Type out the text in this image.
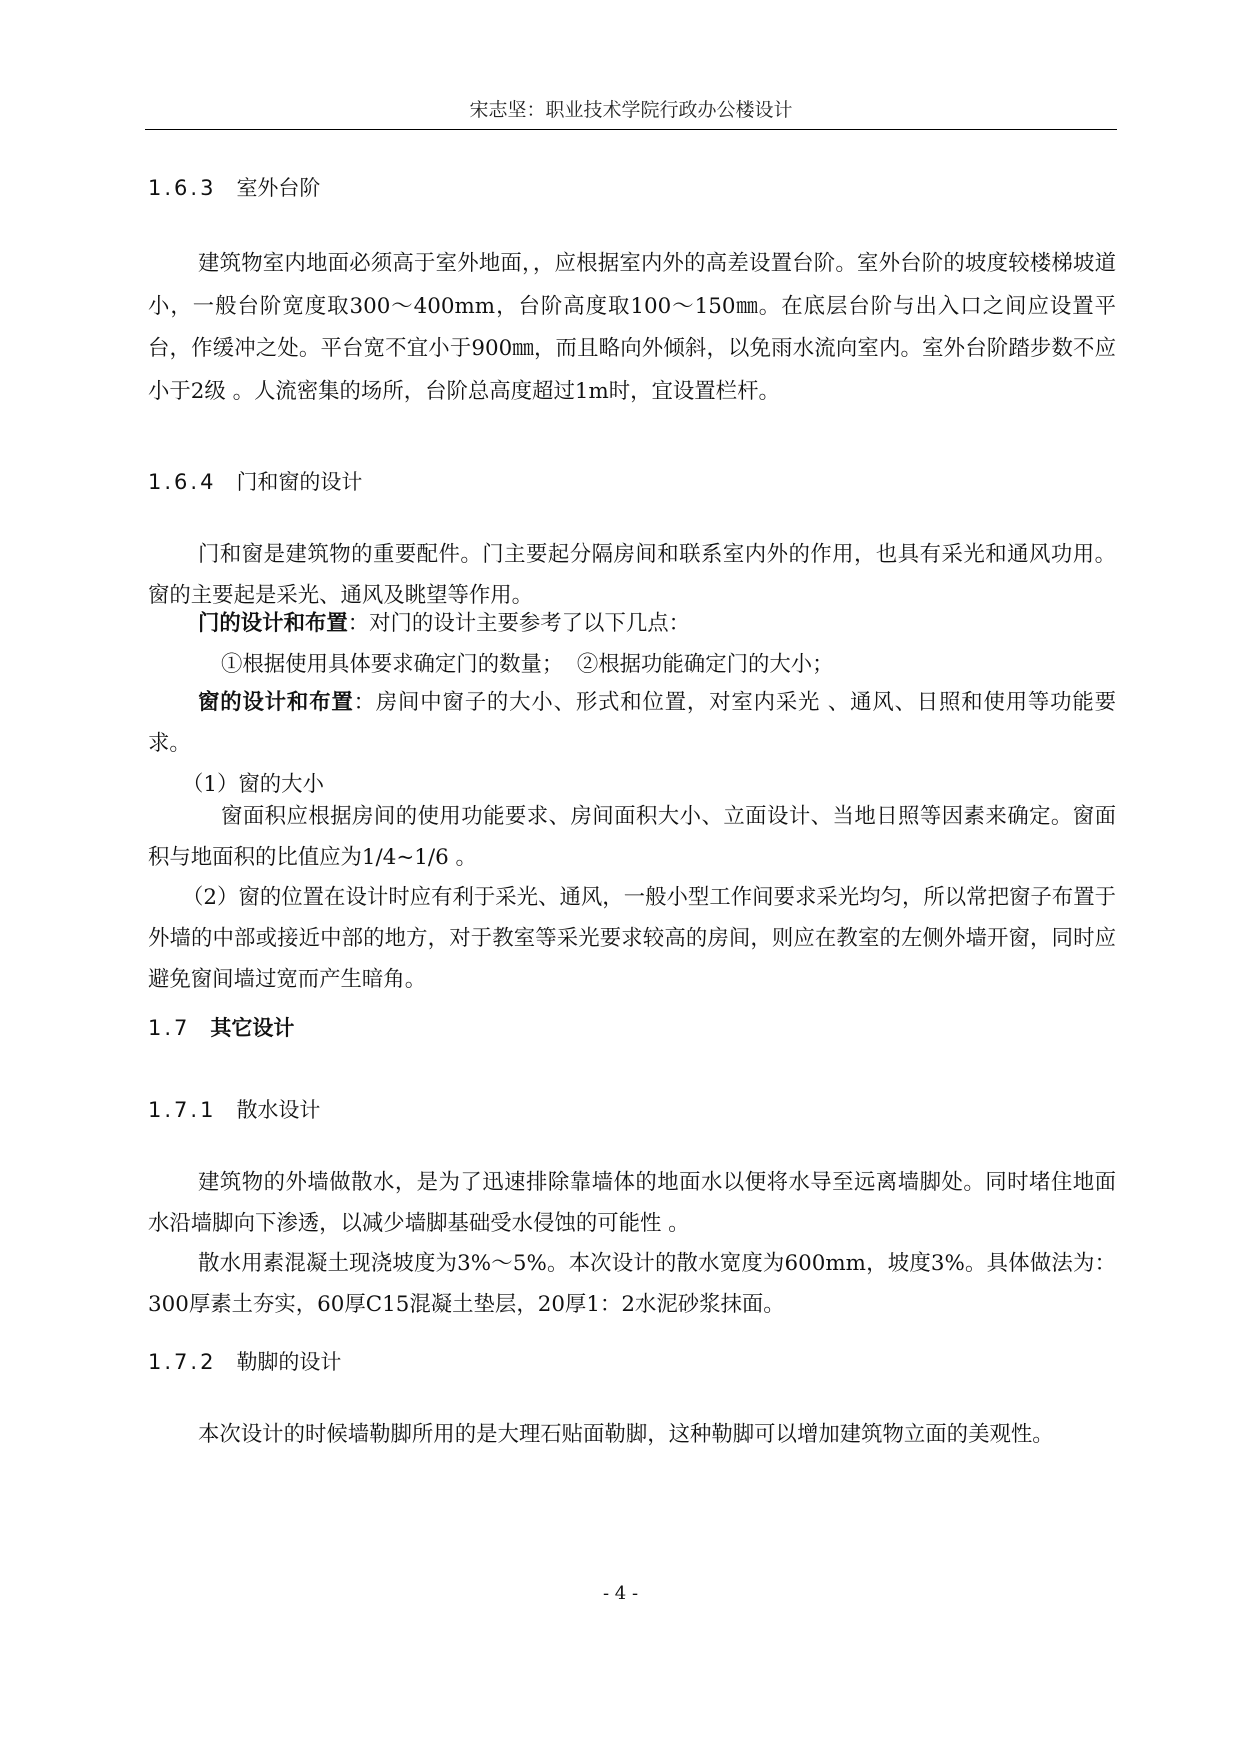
宋志坚：职业技术学院行政办公楼设计
1.6.3 室外台阶

建筑物室内地面必须高于室外地面，，应根据室内外的高差设置台阶。室外台阶的坡度较楼梯坡道小，一般台阶宽度取300～400mm，台阶高度取100～150㎜。在底层台阶与出入口之间应设置平台，作缓冲之处。平台宽不宜小于900㎜，而且略向外倾斜，以免雨水流向室内。室外台阶踏步数不应小于2级 。人流密集的场所，台阶总高度超过1m时，宜设置栏杆。

1.6.4 门和窗的设计

门和窗是建筑物的重要配件。门主要起分隔房间和联系室内外的作用，也具有采光和通风功用。窗的主要起是采光、通风及眺望等作用。

门的设计和布置：对门的设计主要参考了以下几点：
①根据使用具体要求确定门的数量；  ②根据功能确定门的大小；

窗的设计和布置：房间中窗子的大小、形式和位置，对室内采光 、通风、日照和使用等功能要求。

（1）窗的大小

窗面积应根据房间的使用功能要求、房间面积大小、立面设计、当地日照等因素来确定。窗面积与地面积的比值应为1/4~1/6 。

（2）窗的位置在设计时应有利于采光、通风，一般小型工作间要求采光均匀，所以常把窗子布置于外墙的中部或接近中部的地方，对于教室等采光要求较高的房间，则应在教室的左侧外墙开窗，同时应避免窗间墙过宽而产生暗角。

1.7 其它设计
1.7.1 散水设计

建筑物的外墙做散水，是为了迅速排除靠墙体的地面水以便将水导至远离墙脚处。同时堵住地面水沿墙脚向下渗透，以减少墙脚基础受水侵蚀的可能性 。

散水用素混凝土现浇坡度为3%～5%。本次设计的散水宽度为600mm，坡度3%。具体做法为：300厚素土夯实，60厚C15混凝土垫层，20厚1：2水泥砂浆抹面。

1.7.2 勒脚的设计

本次设计的时候墙勒脚所用的是大理石贴面勒脚，这种勒脚可以增加建筑物立面的美观性。

- 4 -
